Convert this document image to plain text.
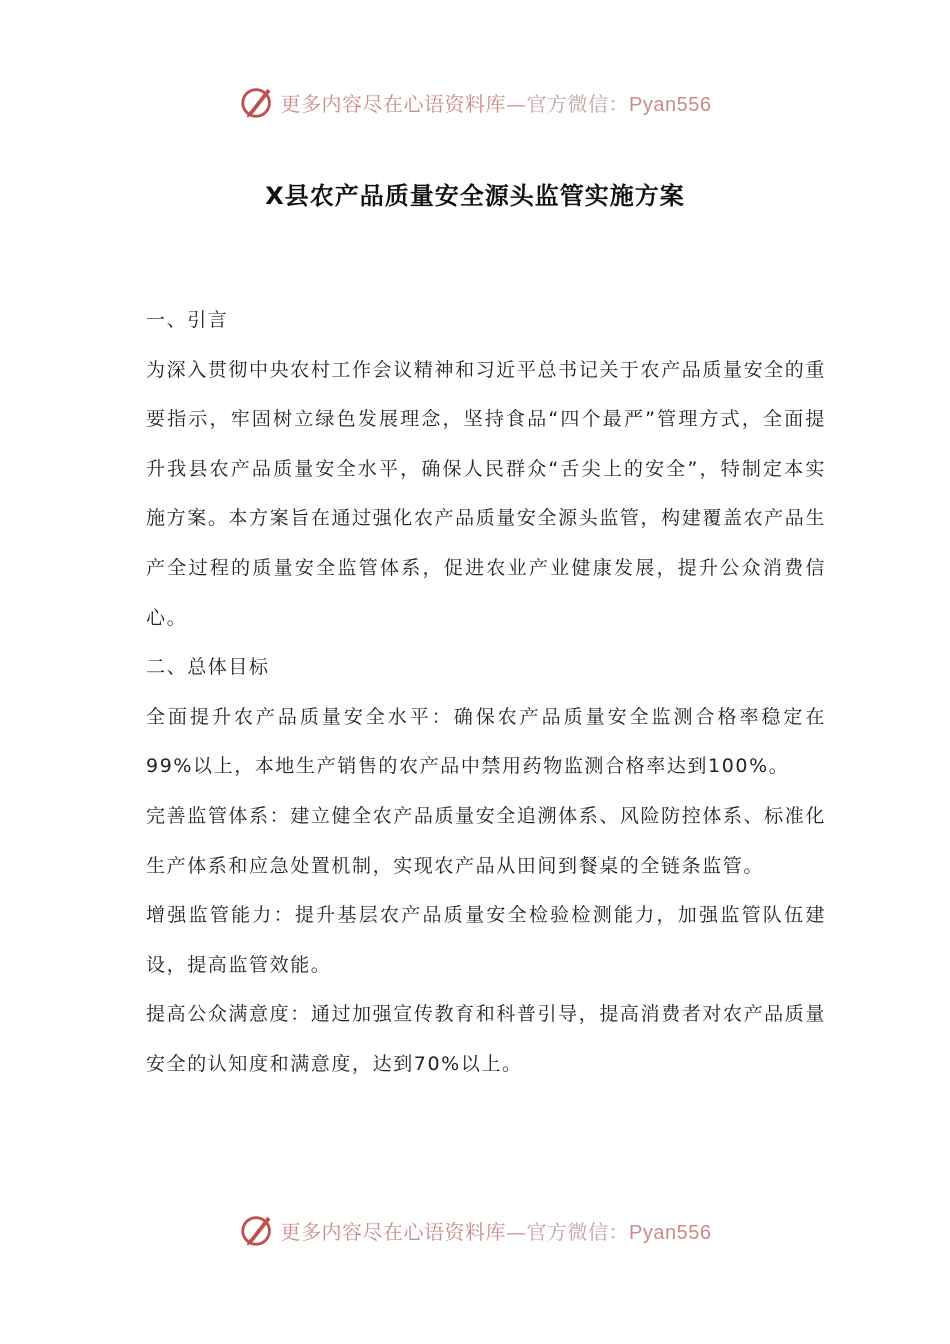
更多内容尽在心语资料库—官方微信：Pyan556
X县农产品质量安全源头监管实施方案

一、引言

为深入贯彻中央农村工作会议精神和习近平总书记关于农产品质量安全的重要指示，牢固树立绿色发展理念，坚持食品“四个最严”管理方式，全面提升我县农产品质量安全水平，确保人民群众“舌尖上的安全”，特制定本实施方案。本方案旨在通过强化农产品质量安全源头监管，构建覆盖农产品生产全过程的质量安全监管体系，促进农业产业健康发展，提升公众消费信心。

二、总体目标

全面提升农产品质量安全水平：确保农产品质量安全监测合格率稳定在99%以上，本地生产销售的农产品中禁用药物监测合格率达到100%。

完善监管体系：建立健全农产品质量安全追溯体系、风险防控体系、标准化生产体系和应急处置机制，实现农产品从田间到餐桌的全链条监管。

增强监管能力：提升基层农产品质量安全检验检测能力，加强监管队伍建设，提高监管效能。

提高公众满意度：通过加强宣传教育和科普引导，提高消费者对农产品质量安全的认知度和满意度，达到70%以上。

更多内容尽在心语资料库—官方微信：Pyan556
